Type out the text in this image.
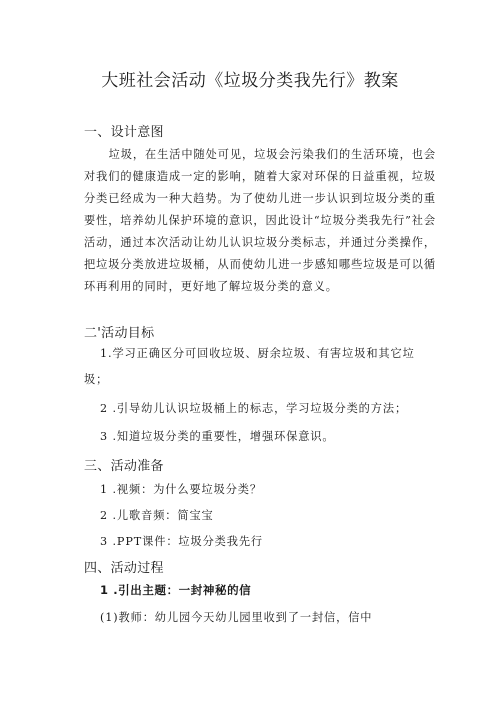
大班社会活动《垃圾分类我先行》教案
一、设计意图

垃圾，在生活中随处可见，垃圾会污染我们的生活环境，也会对我们的健康造成一定的影响，随着大家对环保的日益重视，垃圾分类已经成为一种大趋势。为了使幼儿进一步认识到垃圾分类的重要性，培养幼儿保护环境的意识，因此设计“垃圾分类我先行”社会活动，通过本次活动让幼儿认识垃圾分类标志，并通过分类操作，把垃圾分类放进垃圾桶，从而使幼儿进一步感知哪些垃圾是可以循环再利用的同时，更好地了解垃圾分类的意义。

二'活动目标

1.学习正确区分可回收垃圾、厨余垃圾、有害垃圾和其它垃圾；

2 .引导幼儿认识垃圾桶上的标志，学习垃圾分类的方法；
3 .知道垃圾分类的重要性，增强环保意识。
三、活动准备
1 .视频：为什么要垃圾分类？
2 .儿歌音频：简宝宝
3 .PPT课件：垃圾分类我先行
四、活动过程
1 .引出主题：一封神秘的信
(1)教师：幼儿园今天幼儿园里收到了一封信，信中
